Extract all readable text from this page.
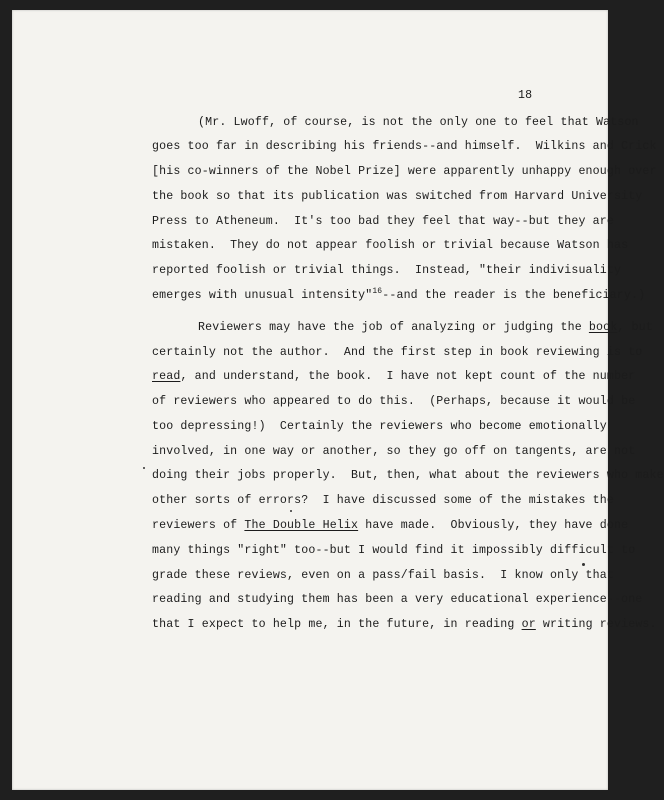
18
(Mr. Lwoff, of course, is not the only one to feel that Watson
goes too far in describing his friends--and himself.  Wilkins and Crick
[his co-winners of the Nobel Prize] were apparently unhappy enough over
the book so that its publication was switched from Harvard University
Press to Atheneum.  It's too bad they feel that way--but they are
mistaken.  They do not appear foolish or trivial because Watson has
reported foolish or trivial things.  Instead, "their indivisuality
emerges with unusual intensity"$^{16}$--and the reader is the beneficiary.)
Reviewers may have the job of analyzing or judging the book, but
certainly not the author.  And the first step in book reviewing is to
read, and understand, the book.  I have not kept count of the number
of reviewers who appeared to do this.  (Perhaps, because it would be
too depressing!)  Certainly the reviewers who become emotionally
involved, in one way or another, so they go off on tangents, are not
doing their jobs properly.  But, then, what about the reviewers who make
other sorts of errors?  I have discussed some of the mistakes the
reviewers of The Double Helix have made.  Obviously, they have done
many things "right" too--but I would find it impossibly difficult to
grade these reviews, even on a pass/fail basis.  I know only that
reading and studying them has been a very educational experience--one
that I expect to help me, in the future, in reading or writing reviews.
